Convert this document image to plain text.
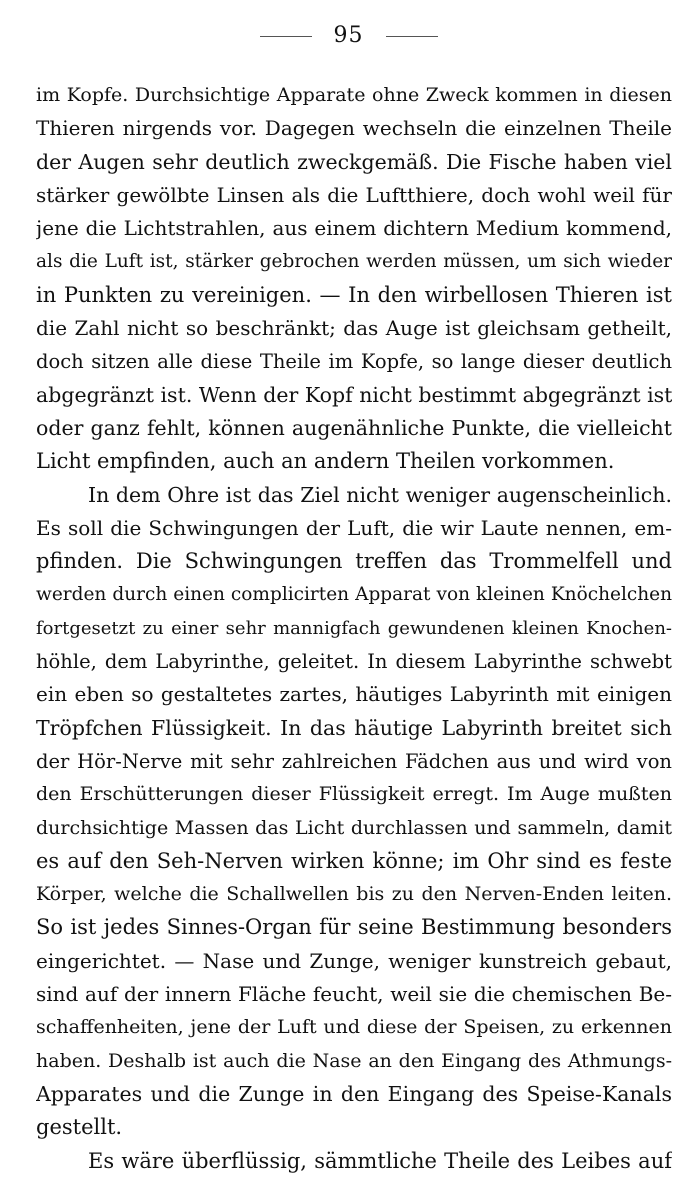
95
im Kopfe. Durchsichtige Apparate ohne Zweck kommen in diesen
Thieren nirgends vor. Dagegen wechseln die einzelnen Theile
der Augen sehr deutlich zweckgemäß. Die Fische haben viel
stärker gewölbte Linsen als die Luftthiere, doch wohl weil für
jene die Lichtstrahlen, aus einem dichtern Medium kommend,
als die Luft ist, stärker gebrochen werden müssen, um sich wieder
in Punkten zu vereinigen. — In den wirbellosen Thieren ist
die Zahl nicht so beschränkt; das Auge ist gleichsam getheilt,
doch sitzen alle diese Theile im Kopfe, so lange dieser deutlich
abgegränzt ist. Wenn der Kopf nicht bestimmt abgegränzt ist
oder ganz fehlt, können augenähnliche Punkte, die vielleicht
Licht empfinden, auch an andern Theilen vorkommen.
In dem Ohre ist das Ziel nicht weniger augenscheinlich.
Es soll die Schwingungen der Luft, die wir Laute nennen, em-
pfinden. Die Schwingungen treffen das Trommelfell und
werden durch einen complicirten Apparat von kleinen Knöchelchen
fortgesetzt zu einer sehr mannigfach gewundenen kleinen Knochen-
höhle, dem Labyrinthe, geleitet. In diesem Labyrinthe schwebt
ein eben so gestaltetes zartes, häutiges Labyrinth mit einigen
Tröpfchen Flüssigkeit. In das häutige Labyrinth breitet sich
der Hör-Nerve mit sehr zahlreichen Fädchen aus und wird von
den Erschütterungen dieser Flüssigkeit erregt. Im Auge mußten
durchsichtige Massen das Licht durchlassen und sammeln, damit
es auf den Seh-Nerven wirken könne; im Ohr sind es feste
Körper, welche die Schallwellen bis zu den Nerven-Enden leiten.
So ist jedes Sinnes-Organ für seine Bestimmung besonders
eingerichtet. — Nase und Zunge, weniger kunstreich gebaut,
sind auf der innern Fläche feucht, weil sie die chemischen Be-
schaffenheiten, jene der Luft und diese der Speisen, zu erkennen
haben. Deshalb ist auch die Nase an den Eingang des Athmungs-
Apparates und die Zunge in den Eingang des Speise-Kanals
gestellt.
Es wäre überflüssig, sämmtliche Theile des Leibes auf
